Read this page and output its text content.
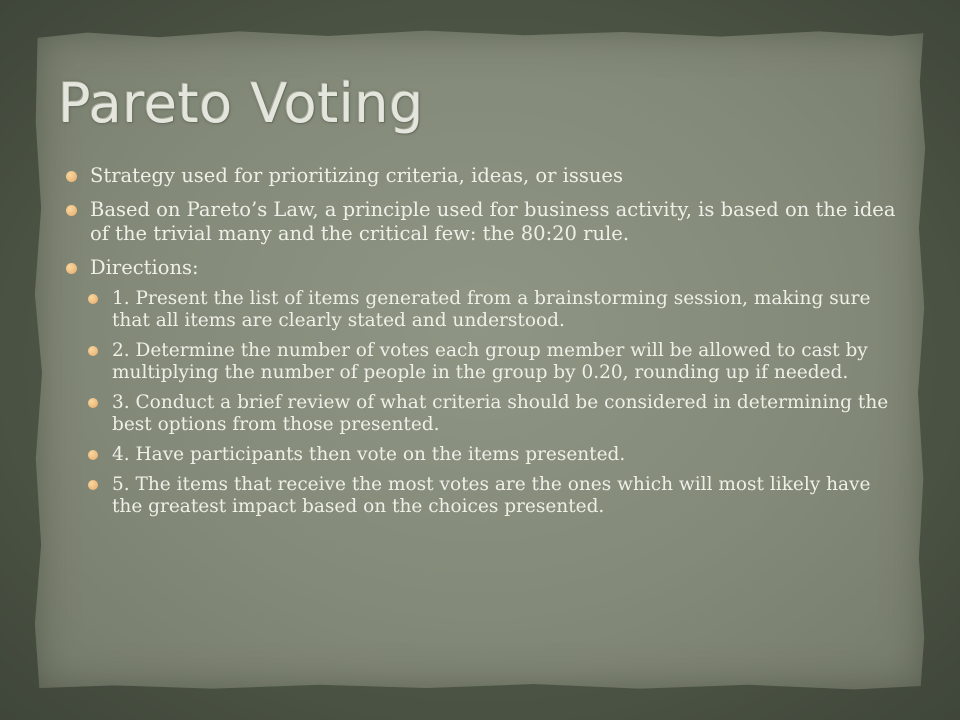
Pareto Voting
Strategy used for prioritizing criteria, ideas, or issues
Based on Pareto’s Law, a principle used for business activity, is based on the idea of the trivial many and the critical few: the 80:20 rule.
Directions:
1. Present the list of items generated from a brainstorming session, making sure that all items are clearly stated and understood.
2. Determine the number of votes each group member will be allowed to cast by multiplying the number of people in the group by 0.20, rounding up if needed.
3. Conduct a brief review of what criteria should be considered in determining the best options from those presented.
4. Have participants then vote on the items presented.
5. The items that receive the most votes are the ones which will most likely have the greatest impact based on the choices presented.
